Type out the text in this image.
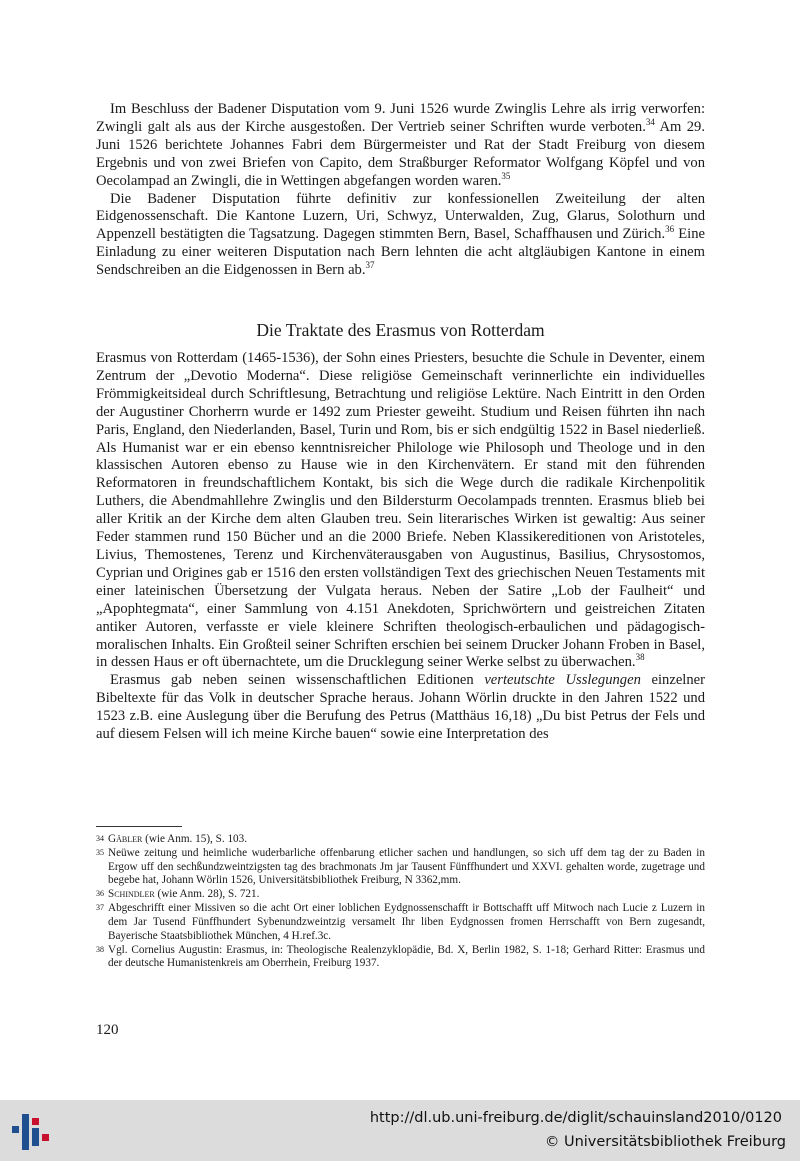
Im Beschluss der Badener Disputation vom 9. Juni 1526 wurde Zwinglis Lehre als irrig verworfen: Zwingli galt als aus der Kirche ausgestoßen. Der Vertrieb seiner Schriften wurde verboten.$^{34}$ Am 29. Juni 1526 berichtete Johannes Fabri dem Bürgermeister und Rat der Stadt Freiburg von diesem Ergebnis und von zwei Briefen von Capito, dem Straßburger Reformator Wolfgang Köpfel und von Oecolampad an Zwingli, die in Wettingen abgefangen worden waren.$^{35}$

Die Badener Disputation führte definitiv zur konfessionellen Zweiteilung der alten Eidgenossenschaft. Die Kantone Luzern, Uri, Schwyz, Unterwalden, Zug, Glarus, Solothurn und Appenzell bestätigten die Tagsatzung. Dagegen stimmten Bern, Basel, Schaffhausen und Zürich.$^{36}$ Eine Einladung zu einer weiteren Disputation nach Bern lehnten die acht altgläubigen Kantone in einem Sendschreiben an die Eidgenossen in Bern ab.$^{37}$

Die Traktate des Erasmus von Rotterdam

Erasmus von Rotterdam (1465-1536), der Sohn eines Priesters, besuchte die Schule in Deventer, einem Zentrum der „Devotio Moderna“. Diese religiöse Gemeinschaft verinnerlichte ein individuelles Frömmigkeitsideal durch Schriftlesung, Betrachtung und religiöse Lektüre. Nach Eintritt in den Orden der Augustiner Chorherrn wurde er 1492 zum Priester geweiht. Studium und Reisen führten ihn nach Paris, England, den Niederlanden, Basel, Turin und Rom, bis er sich endgültig 1522 in Basel niederließ. Als Humanist war er ein ebenso kenntnisreicher Philologe wie Philosoph und Theologe und in den klassischen Autoren ebenso zu Hause wie in den Kirchenvätern. Er stand mit den führenden Reformatoren in freundschaftlichem Kontakt, bis sich die Wege durch die radikale Kirchenpolitik Luthers, die Abendmahllehre Zwinglis und den Bildersturm Oecolampads trennten. Erasmus blieb bei aller Kritik an der Kirche dem alten Glauben treu. Sein literarisches Wirken ist gewaltig: Aus seiner Feder stammen rund 150 Bücher und an die 2000 Briefe. Neben Klassikereditionen von Aristoteles, Livius, Themostenes, Terenz und Kirchenväterausgaben von Augustinus, Basilius, Chrysostomos, Cyprian und Origines gab er 1516 den ersten vollständigen Text des griechischen Neuen Testaments mit einer lateinischen Übersetzung der Vulgata heraus. Neben der Satire „Lob der Faulheit“ und „Apophtegmata“, einer Sammlung von 4.151 Anekdoten, Sprichwörtern und geistreichen Zitaten antiker Autoren, verfasste er viele kleinere Schriften theologisch-erbaulichen und pädagogisch-moralischen Inhalts. Ein Großteil seiner Schriften erschien bei seinem Drucker Johann Froben in Basel, in dessen Haus er oft übernachtete, um die Drucklegung seiner Werke selbst zu überwachen.$^{38}$

Erasmus gab neben seinen wissenschaftlichen Editionen verteutschte Usslegungen einzelner Bibeltexte für das Volk in deutscher Sprache heraus. Johann Wörlin druckte in den Jahren 1522 und 1523 z.B. eine Auslegung über die Berufung des Petrus (Matthäus 16,18) „Du bist Petrus der Fels und auf diesem Felsen will ich meine Kirche bauen“ sowie eine Interpretation des

34 Gäbler (wie Anm. 15), S. 103.
35 Neüwe zeitung und heimliche wuderbarliche offenbarung etlicher sachen und handlungen, so sich uff dem tag der zu Baden in Ergow uff den sechßundzweintzigsten tag des brachmonats Jm jar Tausent Fünffhundert und XXVI. gehalten worde, zugetrage und begebe hat, Johann Wörlin 1526, Universitätsbibliothek Freiburg, N 3362,mm.
36 Schindler (wie Anm. 28), S. 721.
37 Abgeschrifft einer Missiven so die acht Ort einer loblichen Eydgnossenschafft ir Bottschafft uff Mitwoch nach Lucie z Luzern in dem Jar Tusend Fünffhundert Sybenundzweintzig versamelt Ihr liben Eydgnossen fromen Herrschafft von Bern zugesandt, Bayerische Staatsbibliothek München, 4 H.ref.3c.
38 Vgl. Cornelius Augustin: Erasmus, in: Theologische Realenzyklopädie, Bd. X, Berlin 1982, S. 1-18; Gerhard Ritter: Erasmus und der deutsche Humanistenkreis am Oberrhein, Freiburg 1937.
120
http://dl.ub.uni-freiburg.de/diglit/schauinsland2010/0120
© Universitätsbibliothek Freiburg
